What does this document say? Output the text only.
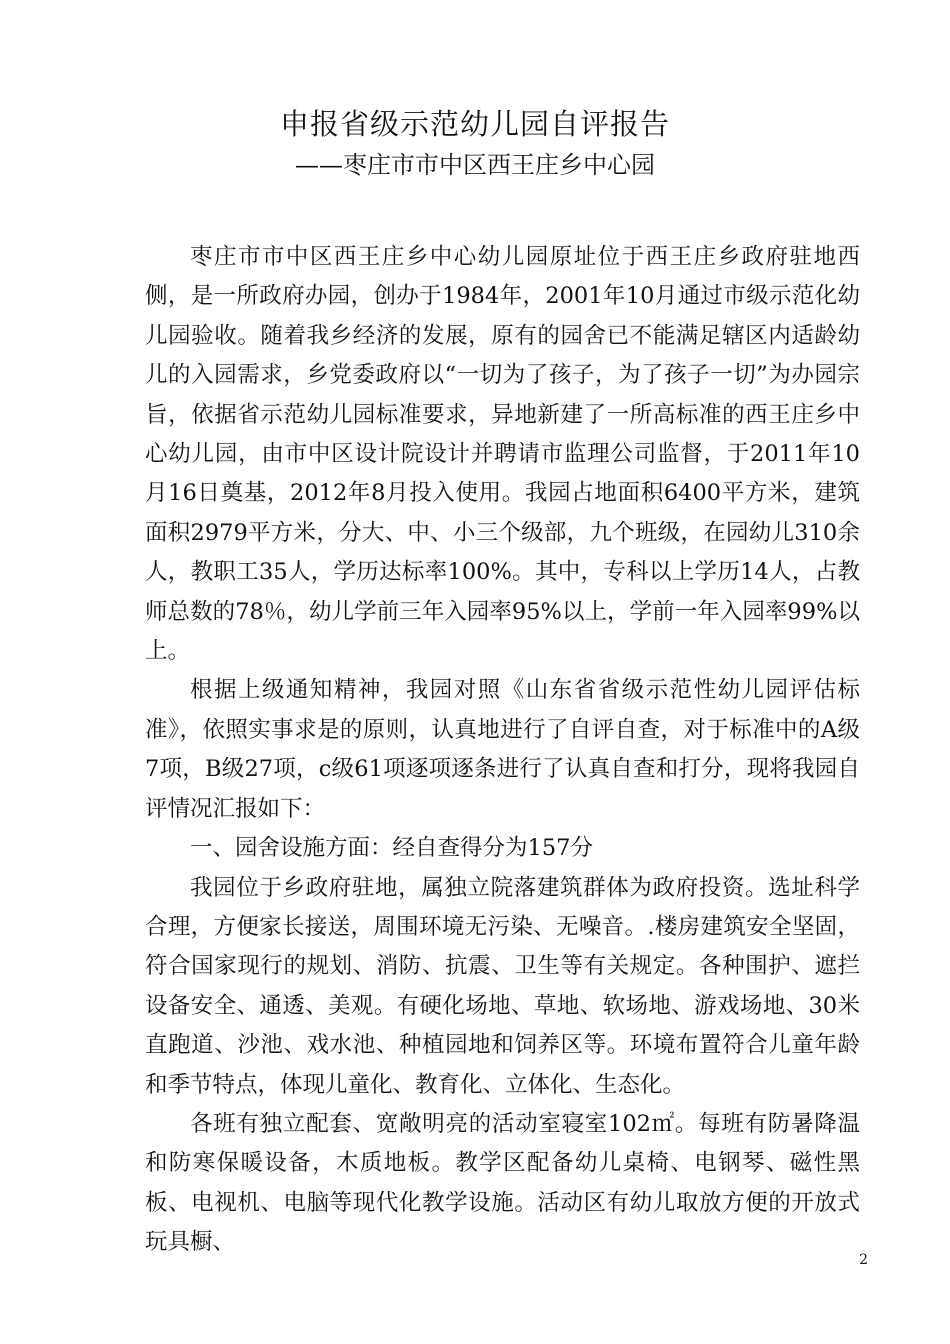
申报省级示范幼儿园自评报告
——枣庄市市中区西王庄乡中心园

枣庄市市中区西王庄乡中心幼儿园原址位于西王庄乡政府驻地西侧，是一所政府办园，创办于1984年，2001年10月通过市级示范化幼儿园验收。随着我乡经济的发展，原有的园舍已不能满足辖区内适龄幼儿的入园需求，乡党委政府以“一切为了孩子，为了孩子一切”为办园宗旨，依据省示范幼儿园标准要求，异地新建了一所高标准的西王庄乡中心幼儿园，由市中区设计院设计并聘请市监理公司监督，于2011年10月16日奠基，2012年8月投入使用。我园占地面积6400平方米，建筑面积2979平方米，分大、中、小三个级部，九个班级，在园幼儿310余人，教职工35人，学历达标率100%。其中，专科以上学历14人，占教师总数的78％，幼儿学前三年入园率95%以上，学前一年入园率99%以上。

根据上级通知精神，我园对照《山东省省级示范性幼儿园评估标准》，依照实事求是的原则，认真地进行了自评自查，对于标准中的A级7项，B级27项，c级61项逐项逐条进行了认真自查和打分，现将我园自评情况汇报如下：

一、园舍设施方面：经自查得分为157分

我园位于乡政府驻地，属独立院落建筑群体为政府投资。选址科学合理，方便家长接送，周围环境无污染、无噪音。.楼房建筑安全坚固，符合国家现行的规划、消防、抗震、卫生等有关规定。各种围护、遮拦设备安全、通透、美观。有硬化场地、草地、软场地、游戏场地、30米直跑道、沙池、戏水池、种植园地和饲养区等。环境布置符合儿童年龄和季节特点，体现儿童化、教育化、立体化、生态化。

各班有独立配套、宽敞明亮的活动室寝室102㎡。每班有防暑降温和防寒保暖设备，木质地板。教学区配备幼儿桌椅、电钢琴、磁性黑板、电视机、电脑等现代化教学设施。活动区有幼儿取放方便的开放式玩具橱、

2
